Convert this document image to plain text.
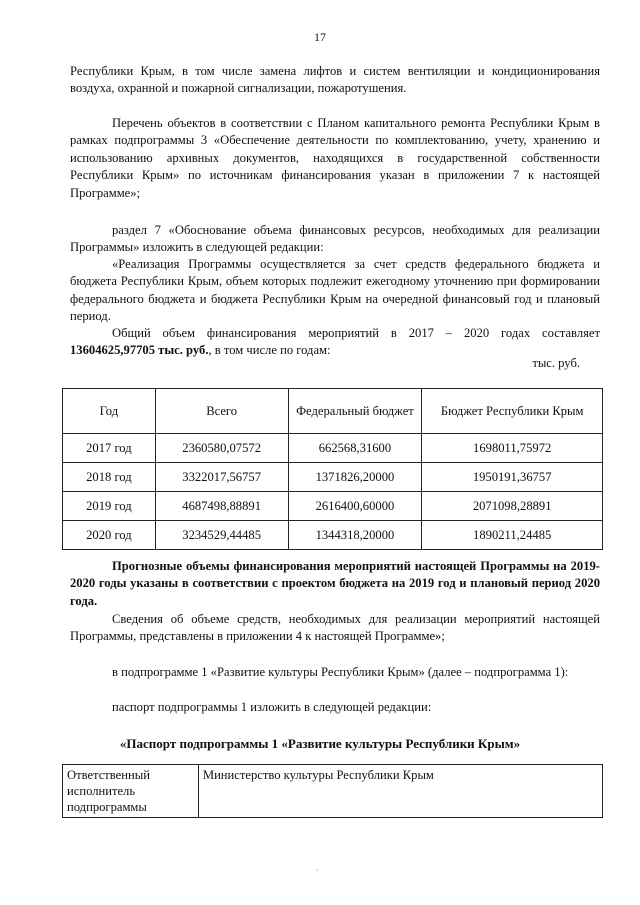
17
Республики Крым, в том числе замена лифтов и систем вентиляции и кондиционирования воздуха, охранной и пожарной сигнализации, пожаротушения.
Перечень объектов в соответствии с Планом капитального ремонта Республики Крым в рамках подпрограммы 3 «Обеспечение деятельности по комплектованию, учету, хранению и использованию архивных документов, находящихся в государственной собственности Республики Крым» по источникам финансирования указан в приложении 7 к настоящей Программе»;
раздел 7 «Обоснование объема финансовых ресурсов, необходимых для реализации Программы» изложить в следующей редакции:
«Реализация Программы осуществляется за счет средств федерального бюджета и бюджета Республики Крым, объем которых подлежит ежегодному уточнению при формировании федерального бюджета и бюджета Республики Крым на очередной финансовый год и плановый период.
Общий объем финансирования мероприятий в 2017 – 2020 годах составляет 13604625,97705 тыс. руб., в том числе по годам:
тыс. руб.
Год	Всего	Федеральный бюджет	Бюджет Республики Крым
2017 год	2360580,07572	662568,31600	1698011,75972
2018 год	3322017,56757	1371826,20000	1950191,36757
2019 год	4687498,88891	2616400,60000	2071098,28891
2020 год	3234529,44485	1344318,20000	1890211,24485
Прогнозные объемы финансирования мероприятий настоящей Программы на 2019-2020 годы указаны в соответствии с проектом бюджета на 2019 год и плановый период 2020 года.
Сведения об объеме средств, необходимых для реализации мероприятий настоящей Программы, представлены в приложении 4 к настоящей Программе»;
в подпрограмме 1 «Развитие культуры Республики Крым» (далее – подпрограмма 1):
паспорт подпрограммы 1 изложить в следующей редакции:
«Паспорт подпрограммы 1 «Развитие культуры Республики Крым»
Ответственный исполнитель подпрограммы	Министерство культуры Республики Крым
·
